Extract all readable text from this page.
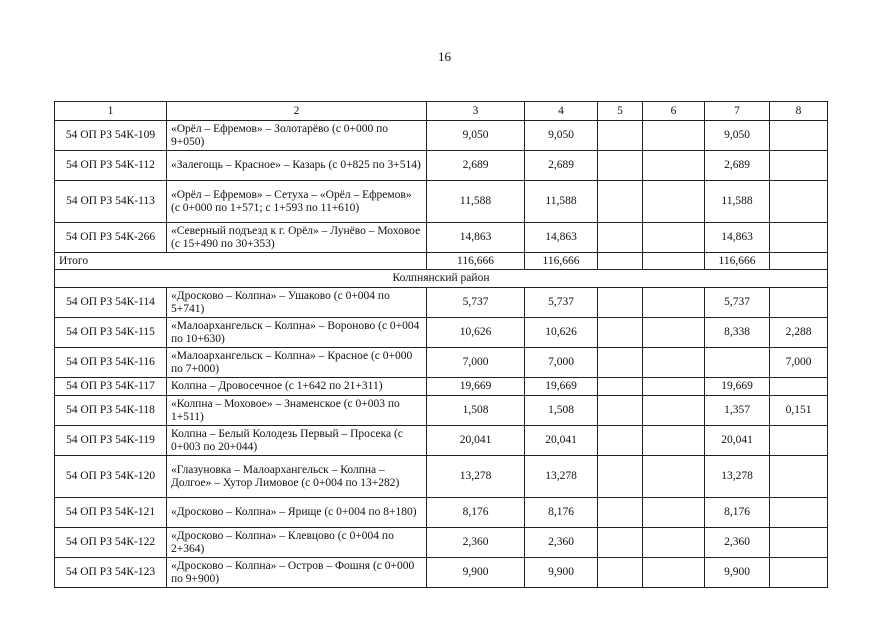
16
1	2	3	4	5	6	7	8
54 ОП РЗ 54К-109	«Орёл – Ефремов» – Золотарёво (с 0+000 по 9+050)	9,050	9,050			9,050	
54 ОП РЗ 54К-112	«Залегощь – Красное» – Казарь (с 0+825 по 3+514)	2,689	2,689			2,689	
54 ОП РЗ 54К-113	«Орёл – Ефремов» – Сетуха – «Орёл – Ефремов» (с 0+000 по 1+571; с 1+593 по 11+610)	11,588	11,588			11,588	
54 ОП РЗ 54К-266	«Северный подъезд к г. Орёл» – Лунёво – Моховое (с 15+490 по 30+353)	14,863	14,863			14,863	
Итого		116,666	116,666			116,666	
Колпнянский район							
54 ОП РЗ 54К-114	«Дросково – Колпна» – Ушаково (с 0+004 по 5+741)	5,737	5,737			5,737	
54 ОП РЗ 54К-115	«Малоархангельск – Колпна» – Вороново (с 0+004 по 10+630)	10,626	10,626			8,338	2,288
54 ОП РЗ 54К-116	«Малоархангельск – Колпна» – Красное (с 0+000 по 7+000)	7,000	7,000				7,000
54 ОП РЗ 54К-117	Колпна – Дровосечное (с 1+642 по 21+311)	19,669	19,669			19,669	
54 ОП РЗ 54К-118	«Колпна – Моховое» – Знаменское (с 0+003 по 1+511)	1,508	1,508			1,357	0,151
54 ОП РЗ 54К-119	Колпна – Белый Колодезь Первый – Просека (с 0+003 по 20+044)	20,041	20,041			20,041	
54 ОП РЗ 54К-120	«Глазуновка – Малоархангельск – Колпна – Долгое» – Хутор Лимовое (с 0+004 по 13+282)	13,278	13,278			13,278	
54 ОП РЗ 54К-121	«Дросково – Колпна» – Ярище (с 0+004 по 8+180)	8,176	8,176			8,176	
54 ОП РЗ 54К-122	«Дросково – Колпна» – Клевцово (с 0+004 по 2+364)	2,360	2,360			2,360	
54 ОП РЗ 54К-123	«Дросково – Колпна» – Остров – Фошня (с 0+000 по 9+900)	9,900	9,900			9,900	
